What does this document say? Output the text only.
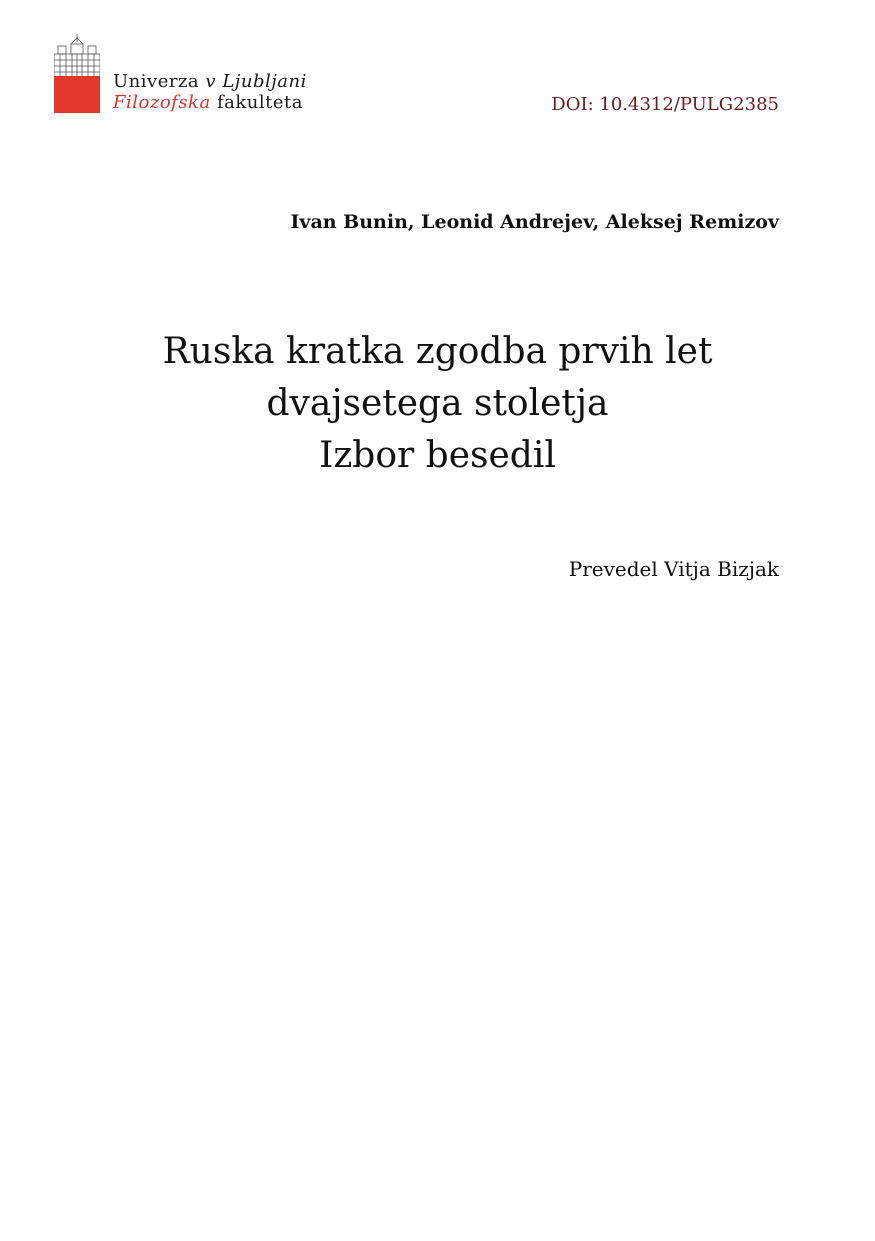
Univerza v Ljubljani
Filozofska fakulteta	DOI: 10.4312/PULG2385
Ivan Bunin, Leonid Andrejev, Aleksej Remizov
Ruska kratka zgodba prvih let
dvajsetega stoletja
Izbor besedil
Prevedel Vitja Bizjak
